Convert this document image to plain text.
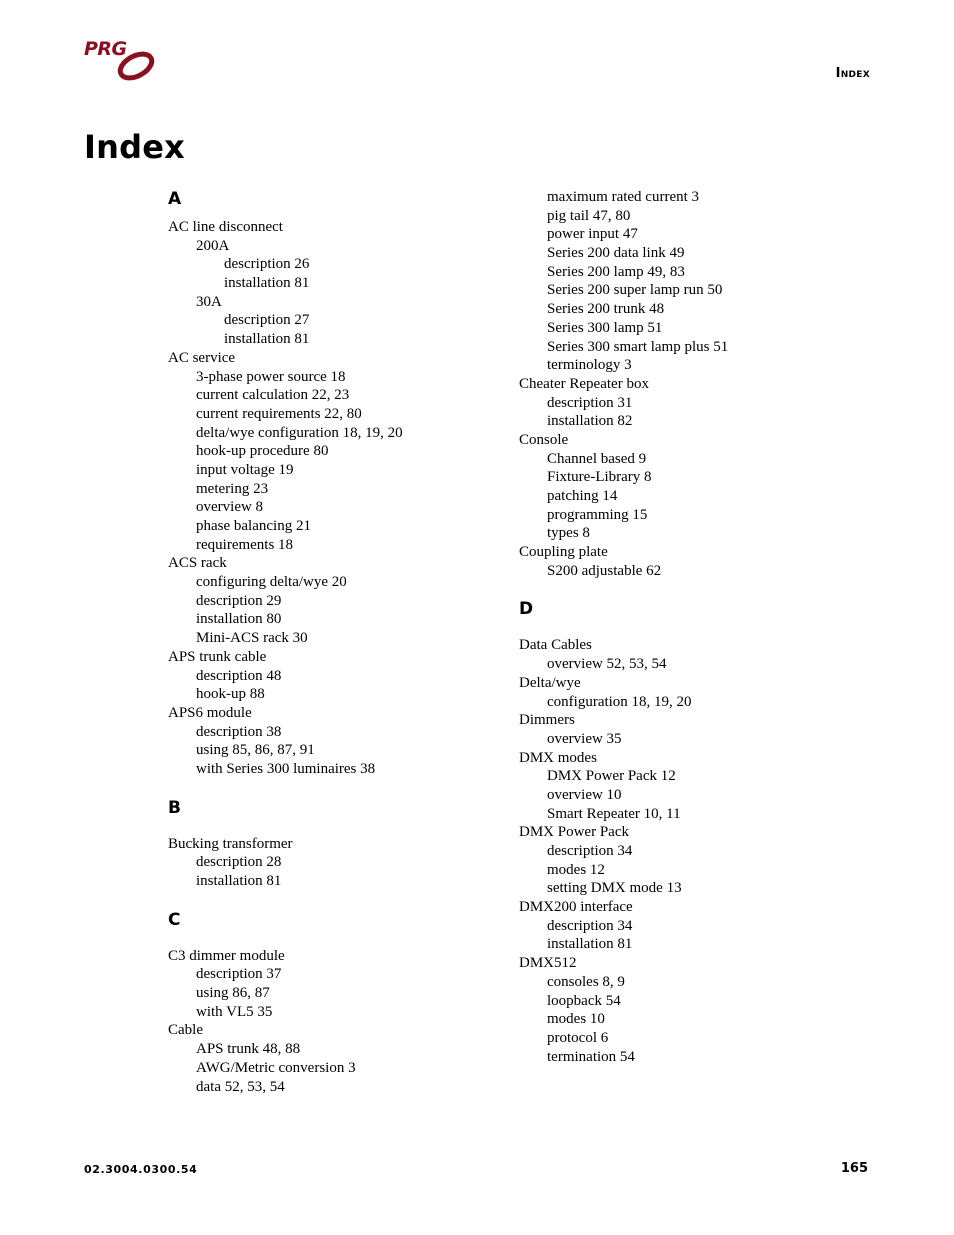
PRG
Index
Index
A
AC line disconnect
200A
description 26
installation 81
30A
description 27
installation 81
AC service
3-phase power source 18
current calculation 22, 23
current requirements 22, 80
delta/wye configuration 18, 19, 20
hook-up procedure 80
input voltage 19
metering 23
overview 8
phase balancing 21
requirements 18
ACS rack
configuring delta/wye 20
description 29
installation 80
Mini-ACS rack 30
APS trunk cable
description 48
hook-up 88
APS6 module
description 38
using 85, 86, 87, 91
with Series 300 luminaires 38
B
Bucking transformer
description 28
installation 81
C
C3 dimmer module
description 37
using 86, 87
with VL5 35
Cable
APS trunk 48, 88
AWG/Metric conversion 3
data 52, 53, 54
maximum rated current 3
pig tail 47, 80
power input 47
Series 200 data link 49
Series 200 lamp 49, 83
Series 200 super lamp run 50
Series 200 trunk 48
Series 300 lamp 51
Series 300 smart lamp plus 51
terminology 3
Cheater Repeater box
description 31
installation 82
Console
Channel based 9
Fixture-Library 8
patching 14
programming 15
types 8
Coupling plate
S200 adjustable 62
D
Data Cables
overview 52, 53, 54
Delta/wye
configuration 18, 19, 20
Dimmers
overview 35
DMX modes
DMX Power Pack 12
overview 10
Smart Repeater 10, 11
DMX Power Pack
description 34
modes 12
setting DMX mode 13
DMX200 interface
description 34
installation 81
DMX512
consoles 8, 9
loopback 54
modes 10
protocol 6
termination 54
02.3004.0300.54	165
